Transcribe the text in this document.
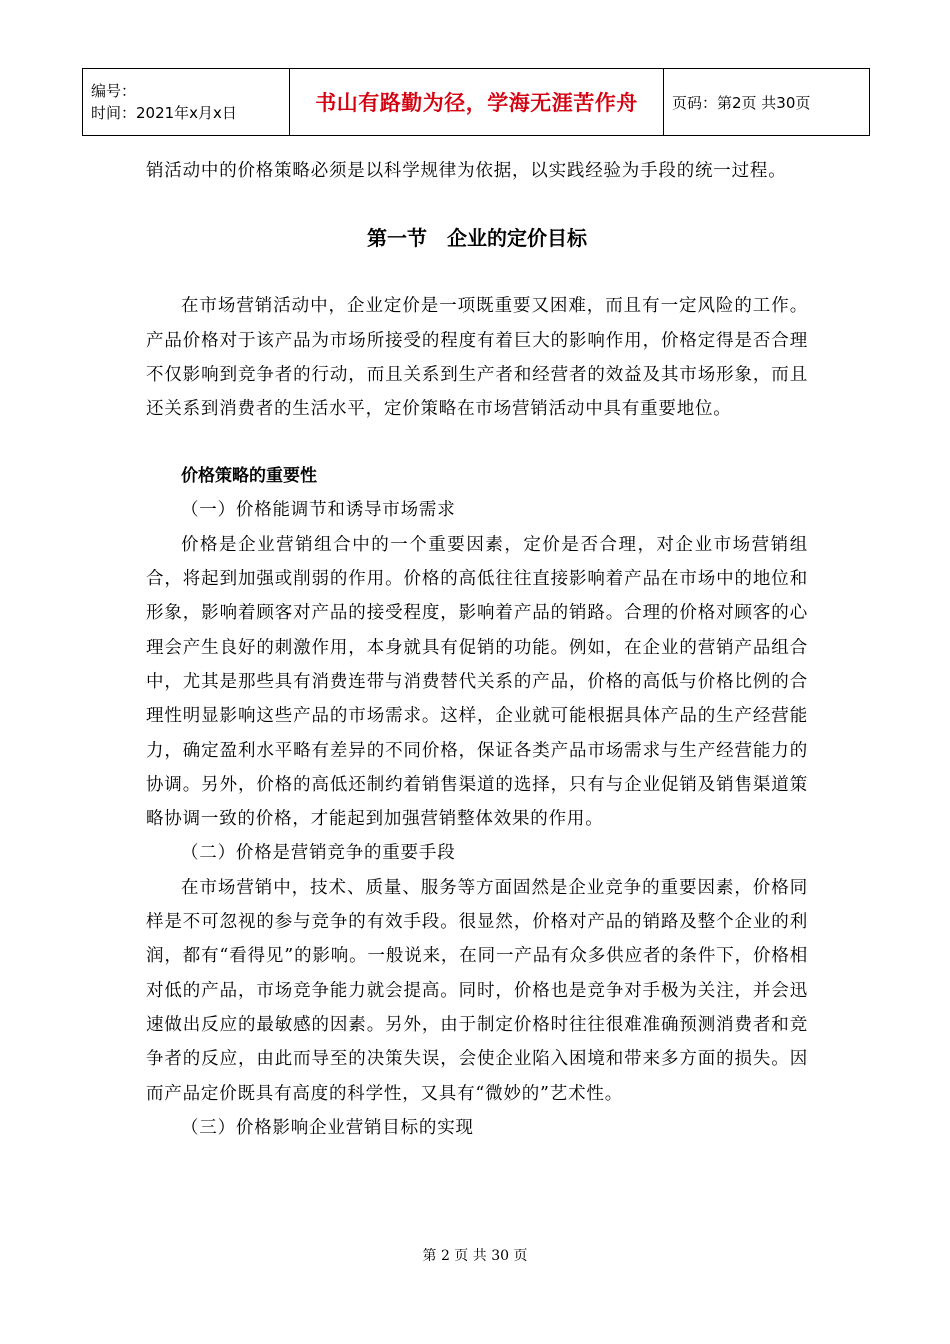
编号：
时间：2021年x月x日	书山有路勤为径，学海无涯苦作舟	页码：第2页 共30页

销活动中的价格策略必须是以科学规律为依据，以实践经验为手段的统一过程。

第一节　企业的定价目标

在市场营销活动中，企业定价是一项既重要又困难，而且有一定风险的工作。产品价格对于该产品为市场所接受的程度有着巨大的影响作用，价格定得是否合理不仅影响到竞争者的行动，而且关系到生产者和经营者的效益及其市场形象，而且还关系到消费者的生活水平，定价策略在市场营销活动中具有重要地位。

价格策略的重要性

（一）价格能调节和诱导市场需求

价格是企业营销组合中的一个重要因素，定价是否合理，对企业市场营销组合，将起到加强或削弱的作用。价格的高低往往直接影响着产品在市场中的地位和形象，影响着顾客对产品的接受程度，影响着产品的销路。合理的价格对顾客的心理会产生良好的刺激作用，本身就具有促销的功能。例如，在企业的营销产品组合中，尤其是那些具有消费连带与消费替代关系的产品，价格的高低与价格比例的合理性明显影响这些产品的市场需求。这样，企业就可能根据具体产品的生产经营能力，确定盈利水平略有差异的不同价格，保证各类产品市场需求与生产经营能力的协调。另外，价格的高低还制约着销售渠道的选择，只有与企业促销及销售渠道策略协调一致的价格，才能起到加强营销整体效果的作用。

（二）价格是营销竞争的重要手段

在市场营销中，技术、质量、服务等方面固然是企业竞争的重要因素，价格同样是不可忽视的参与竞争的有效手段。很显然，价格对产品的销路及整个企业的利润，都有“看得见”的影响。一般说来，在同一产品有众多供应者的条件下，价格相对低的产品，市场竞争能力就会提高。同时，价格也是竞争对手极为关注，并会迅速做出反应的最敏感的因素。另外，由于制定价格时往往很难准确预测消费者和竞争者的反应，由此而导至的决策失误，会使企业陷入困境和带来多方面的损失。因而产品定价既具有高度的科学性，又具有“微妙的”艺术性。

（三）价格影响企业营销目标的实现

第 2 页 共 30 页
